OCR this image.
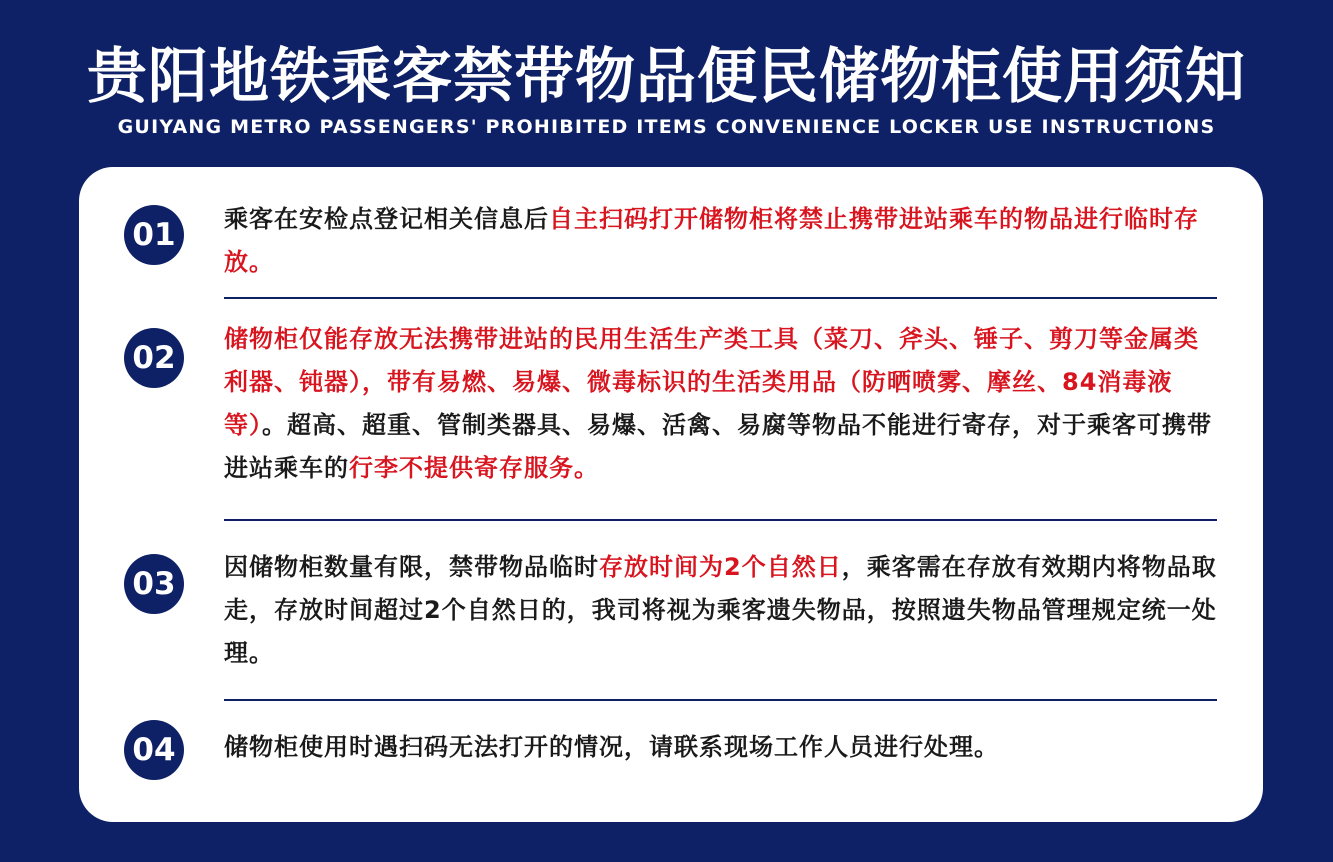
贵阳地铁乘客禁带物品便民储物柜使用须知
GUIYANG METRO PASSENGERS' PROHIBITED ITEMS CONVENIENCE LOCKER USE INSTRUCTIONS
01	乘客在安检点登记相关信息后自主扫码打开储物柜将禁止携带进站乘车的物品进行临时存放。
02
储物柜仅能存放无法携带进站的民用生活生产类工具（菜刀、斧头、锤子、剪刀等金属类利器、钝器），带有易燃、易爆、微毒标识的生活类用品（防晒喷雾、摩丝、84消毒液等）。超高、超重、管制类器具、易爆、活禽、易腐等物品不能进行寄存，对于乘客可携带进站乘车的行李不提供寄存服务。
03	因储物柜数量有限，禁带物品临时存放时间为2个自然日，乘客需在存放有效期内将物品取走，存放时间超过2个自然日的，我司将视为乘客遗失物品，按照遗失物品管理规定统一处理。
04	储物柜使用时遇扫码无法打开的情况，请联系现场工作人员进行处理。
